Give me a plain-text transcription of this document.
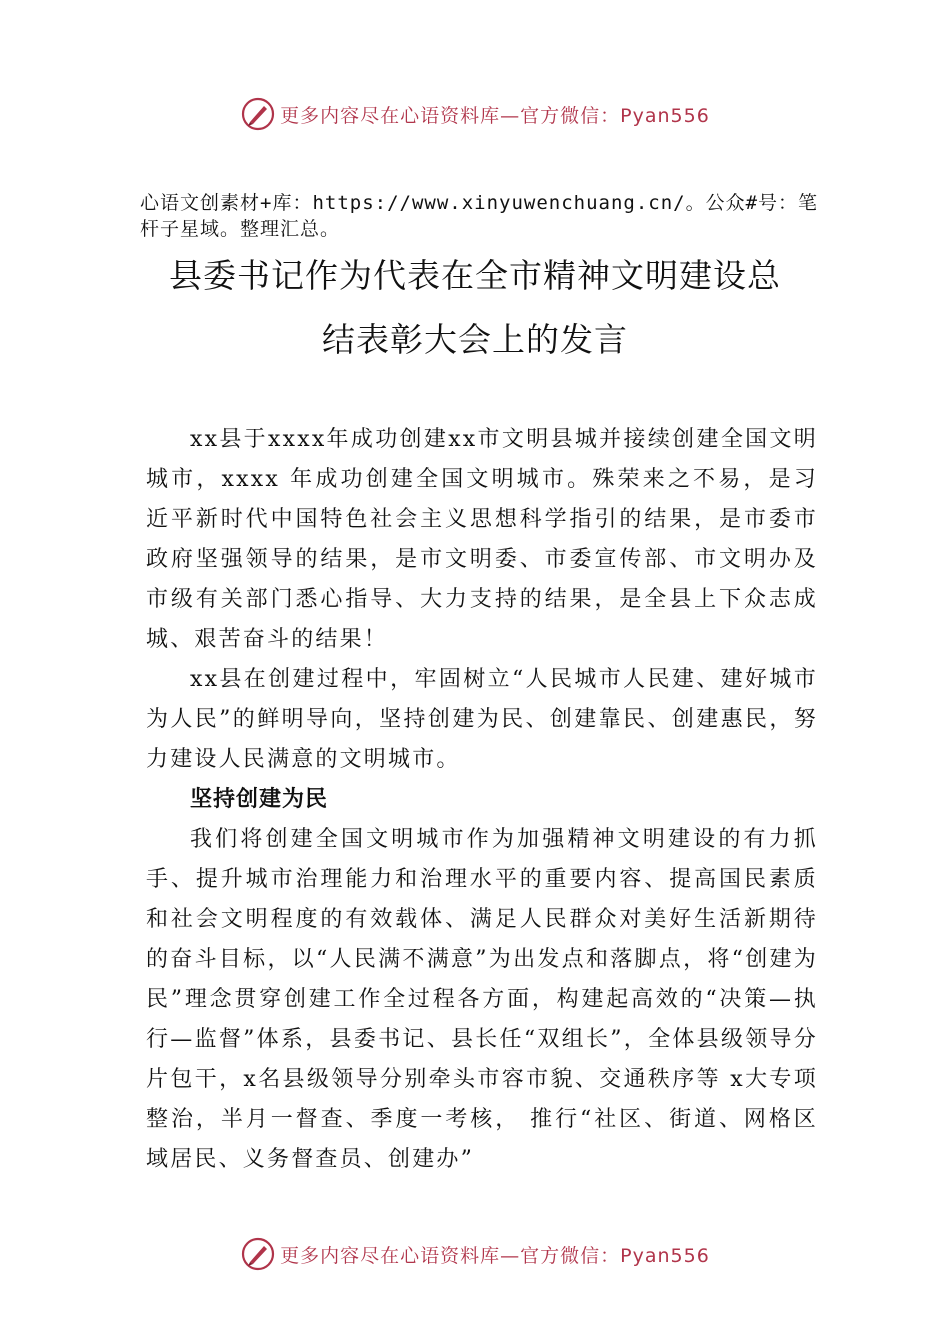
更多内容尽在心语资料库—官方微信：Pyan556
心语文创素材+库：https://www.xinyuwenchuang.cn/。公众#号：笔杆子星域。整理汇总。
县委书记作为代表在全市精神文明建设总
结表彰大会上的发言

xx县于xxxx年成功创建xx市文明县城并接续创建全国文明城市，xxxx 年成功创建全国文明城市。殊荣来之不易，是习近平新时代中国特色社会主义思想科学指引的结果，是市委市政府坚强领导的结果，是市文明委、市委宣传部、市文明办及市级有关部门悉心指导、大力支持的结果，是全县上下众志成城、艰苦奋斗的结果！

xx县在创建过程中，牢固树立“人民城市人民建、建好城市为人民”的鲜明导向，坚持创建为民、创建靠民、创建惠民，努力建设人民满意的文明城市。

坚持创建为民

我们将创建全国文明城市作为加强精神文明建设的有力抓手、提升城市治理能力和治理水平的重要内容、提高国民素质和社会文明程度的有效载体、满足人民群众对美好生活新期待的奋斗目标，以“人民满不满意”为出发点和落脚点，将“创建为民”理念贯穿创建工作全过程各方面，构建起高效的“决策—执行—监督”体系，县委书记、县长任“双组长”，全体县级领导分片包干，x名县级领导分别牵头市容市貌、交通秩序等 x大专项整治，半月一督查、季度一考核， 推行“社区、街道、网格区域居民、义务督查员、创建办”

更多内容尽在心语资料库—官方微信：Pyan556
